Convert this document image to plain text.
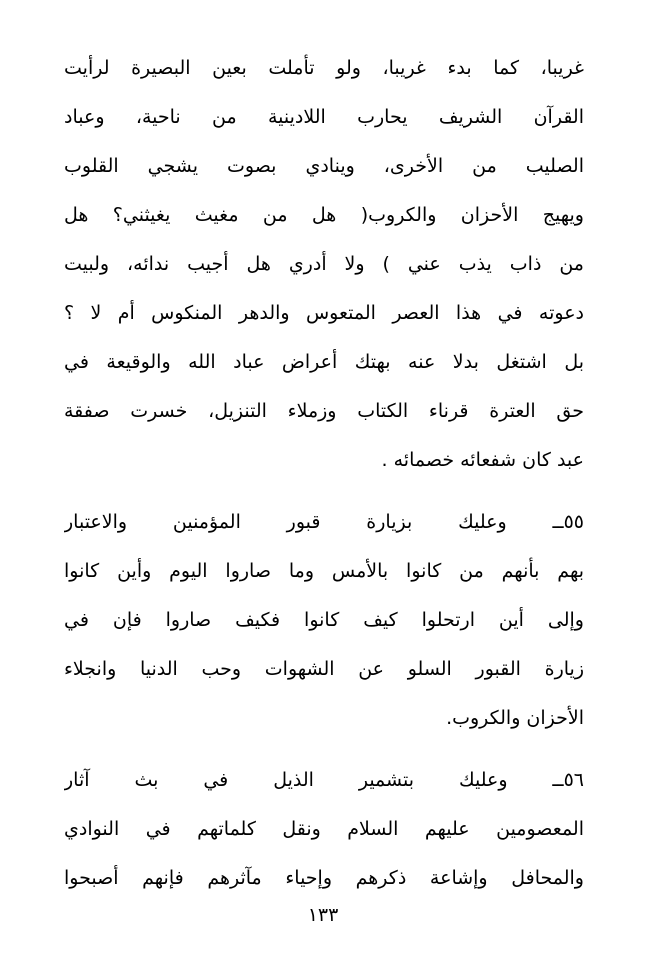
غريبا، كما بدء غريبا، ولو تأملت بعين البصيرة لرأيت
القرآن الشريف يحارب اللادينية من ناحية، وعباد
الصليب من الأخرى، وينادي بصوت يشجي القلوب
ويهيج الأحزان والكروب( هل من مغيث يغيثني؟ هل
من ذاب يذب عني ) ولا أدري هل أجيب ندائه، ولبيت
دعوته في هذا العصر المتعوس والدهر المنكوس أم لا ؟
بل اشتغل بدلا عنه بهتك أعراض عباد الله والوقيعة في
حق العترة قرناء الكتاب وزملاء التنزيل، خسرت صفقة
عبد كان شفعائه خصمائه .
٥٥ــ وعليك بزيارة قبور المؤمنين والاعتبار
بهم بأنهم من كانوا بالأمس وما صاروا اليوم وأين كانوا
وإلى أين ارتحلوا كيف كانوا فكيف صاروا فإن في
زيارة القبور السلو عن الشهوات وحب الدنيا وانجلاء
الأحزان والكروب.
٥٦ــ وعليك بتشمير الذيل في بث آثار
المعصومين عليهم السلام ونقل كلماتهم في النوادي
والمحافل وإشاعة ذكرهم وإحياء مآثرهم فإنهم أصبحوا
١٣٣
